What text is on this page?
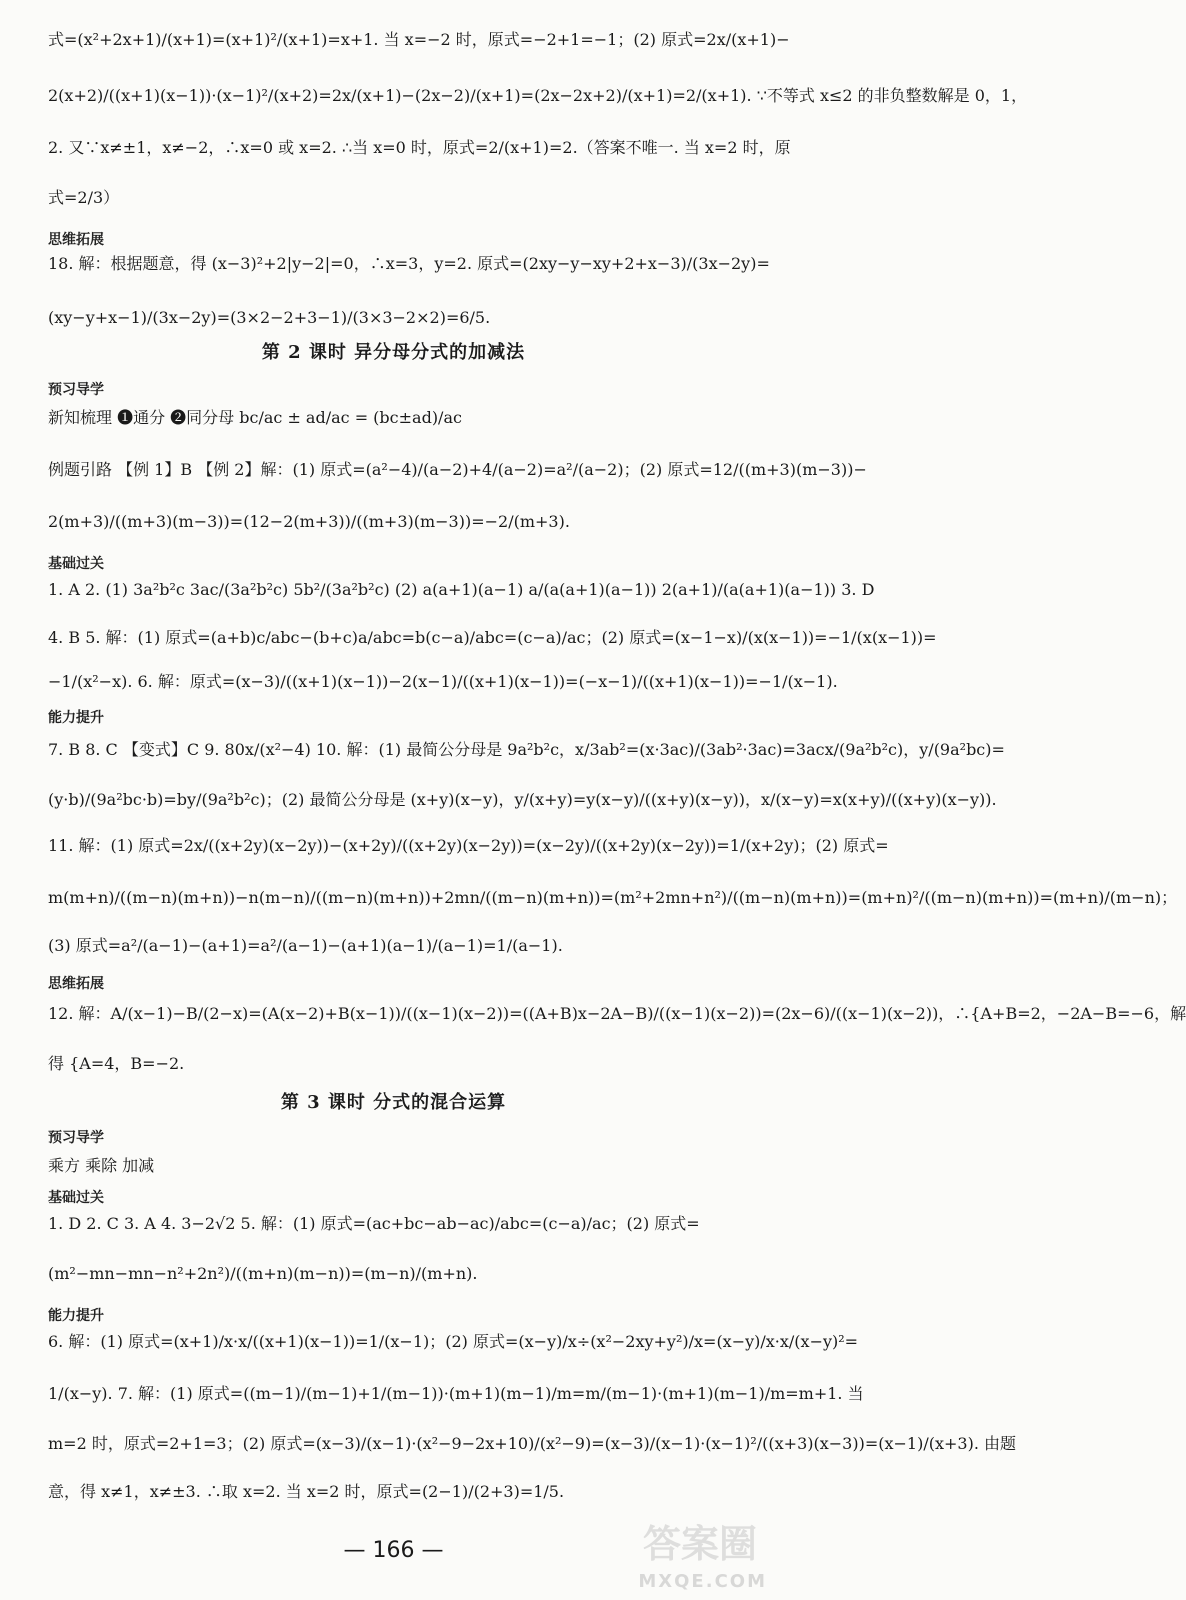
式=(x²+2x+1)/(x+1)=(x+1)²/(x+1)=x+1. 当 x=−2 时，原式=−2+1=−1；(2) 原式=2x/(x+1)−
2(x+2)/((x+1)(x−1))·(x−1)²/(x+2)=2x/(x+1)−(2x−2)/(x+1)=(2x−2x+2)/(x+1)=2/(x+1). ∵不等式 x≤2 的非负整数解是 0，1，
2. 又∵x≠±1，x≠−2，∴x=0 或 x=2. ∴当 x=0 时，原式=2/(x+1)=2.（答案不唯一. 当 x=2 时，原
式=2/3）
18. 解：根据题意，得 (x−3)²+2|y−2|=0，∴x=3，y=2. 原式=(2xy−y−xy+2+x−3)/(3x−2y)=
(xy−y+x−1)/(3x−2y)=(3×2−2+3−1)/(3×3−2×2)=6/5.
新知梳理 ❶通分 ❷同分母 bc/ac ± ad/ac = (bc±ad)/ac
例题引路 【例 1】B 【例 2】解：(1) 原式=(a²−4)/(a−2)+4/(a−2)=a²/(a−2)；(2) 原式=12/((m+3)(m−3))−
2(m+3)/((m+3)(m−3))=(12−2(m+3))/((m+3)(m−3))=−2/(m+3).
1. A 2. (1) 3a²b²c 3ac/(3a²b²c) 5b²/(3a²b²c) (2) a(a+1)(a−1) a/(a(a+1)(a−1)) 2(a+1)/(a(a+1)(a−1)) 3. D
4. B 5. 解：(1) 原式=(a+b)c/abc−(b+c)a/abc=b(c−a)/abc=(c−a)/ac；(2) 原式=(x−1−x)/(x(x−1))=−1/(x(x−1))=
−1/(x²−x). 6. 解：原式=(x−3)/((x+1)(x−1))−2(x−1)/((x+1)(x−1))=(−x−1)/((x+1)(x−1))=−1/(x−1).
7. B 8. C 【变式】C 9. 80x/(x²−4) 10. 解：(1) 最简公分母是 9a²b²c，x/3ab²=(x·3ac)/(3ab²·3ac)=3acx/(9a²b²c)，y/(9a²bc)=
(y·b)/(9a²bc·b)=by/(9a²b²c)；(2) 最简公分母是 (x+y)(x−y)，y/(x+y)=y(x−y)/((x+y)(x−y))，x/(x−y)=x(x+y)/((x+y)(x−y)).
11. 解：(1) 原式=2x/((x+2y)(x−2y))−(x+2y)/((x+2y)(x−2y))=(x−2y)/((x+2y)(x−2y))=1/(x+2y)；(2) 原式=
m(m+n)/((m−n)(m+n))−n(m−n)/((m−n)(m+n))+2mn/((m−n)(m+n))=(m²+2mn+n²)/((m−n)(m+n))=(m+n)²/((m−n)(m+n))=(m+n)/(m−n)；
(3) 原式=a²/(a−1)−(a+1)=a²/(a−1)−(a+1)(a−1)/(a−1)=1/(a−1).
12. 解：A/(x−1)−B/(2−x)=(A(x−2)+B(x−1))/((x−1)(x−2))=((A+B)x−2A−B)/((x−1)(x−2))=(2x−6)/((x−1)(x−2))，∴{A+B=2，−2A−B=−6，解
得 {A=4，B=−2.
乘方 乘除 加减
1. D 2. C 3. A 4. 3−2√2 5. 解：(1) 原式=(ac+bc−ab−ac)/abc=(c−a)/ac；(2) 原式=
(m²−mn−mn−n²+2n²)/((m+n)(m−n))=(m−n)/(m+n).
6. 解：(1) 原式=(x+1)/x·x/((x+1)(x−1))=1/(x−1)；(2) 原式=(x−y)/x÷(x²−2xy+y²)/x=(x−y)/x·x/(x−y)²=
1/(x−y). 7. 解：(1) 原式=((m−1)/(m−1)+1/(m−1))·(m+1)(m−1)/m=m/(m−1)·(m+1)(m−1)/m=m+1. 当
m=2 时，原式=2+1=3；(2) 原式=(x−3)/(x−1)·(x²−9−2x+10)/(x²−9)=(x−3)/(x−1)·(x−1)²/((x+3)(x−3))=(x−1)/(x+3). 由题
意，得 x≠1，x≠±3. ∴取 x=2. 当 x=2 时，原式=(2−1)/(2+3)=1/5.
思维拓展
预习导学
基础过关
能力提升
思维拓展
预习导学
基础过关
能力提升
第 2 课时 异分母分式的加减法
第 3 课时 分式的混合运算
— 166 —	答案圈
MXQE.COM
